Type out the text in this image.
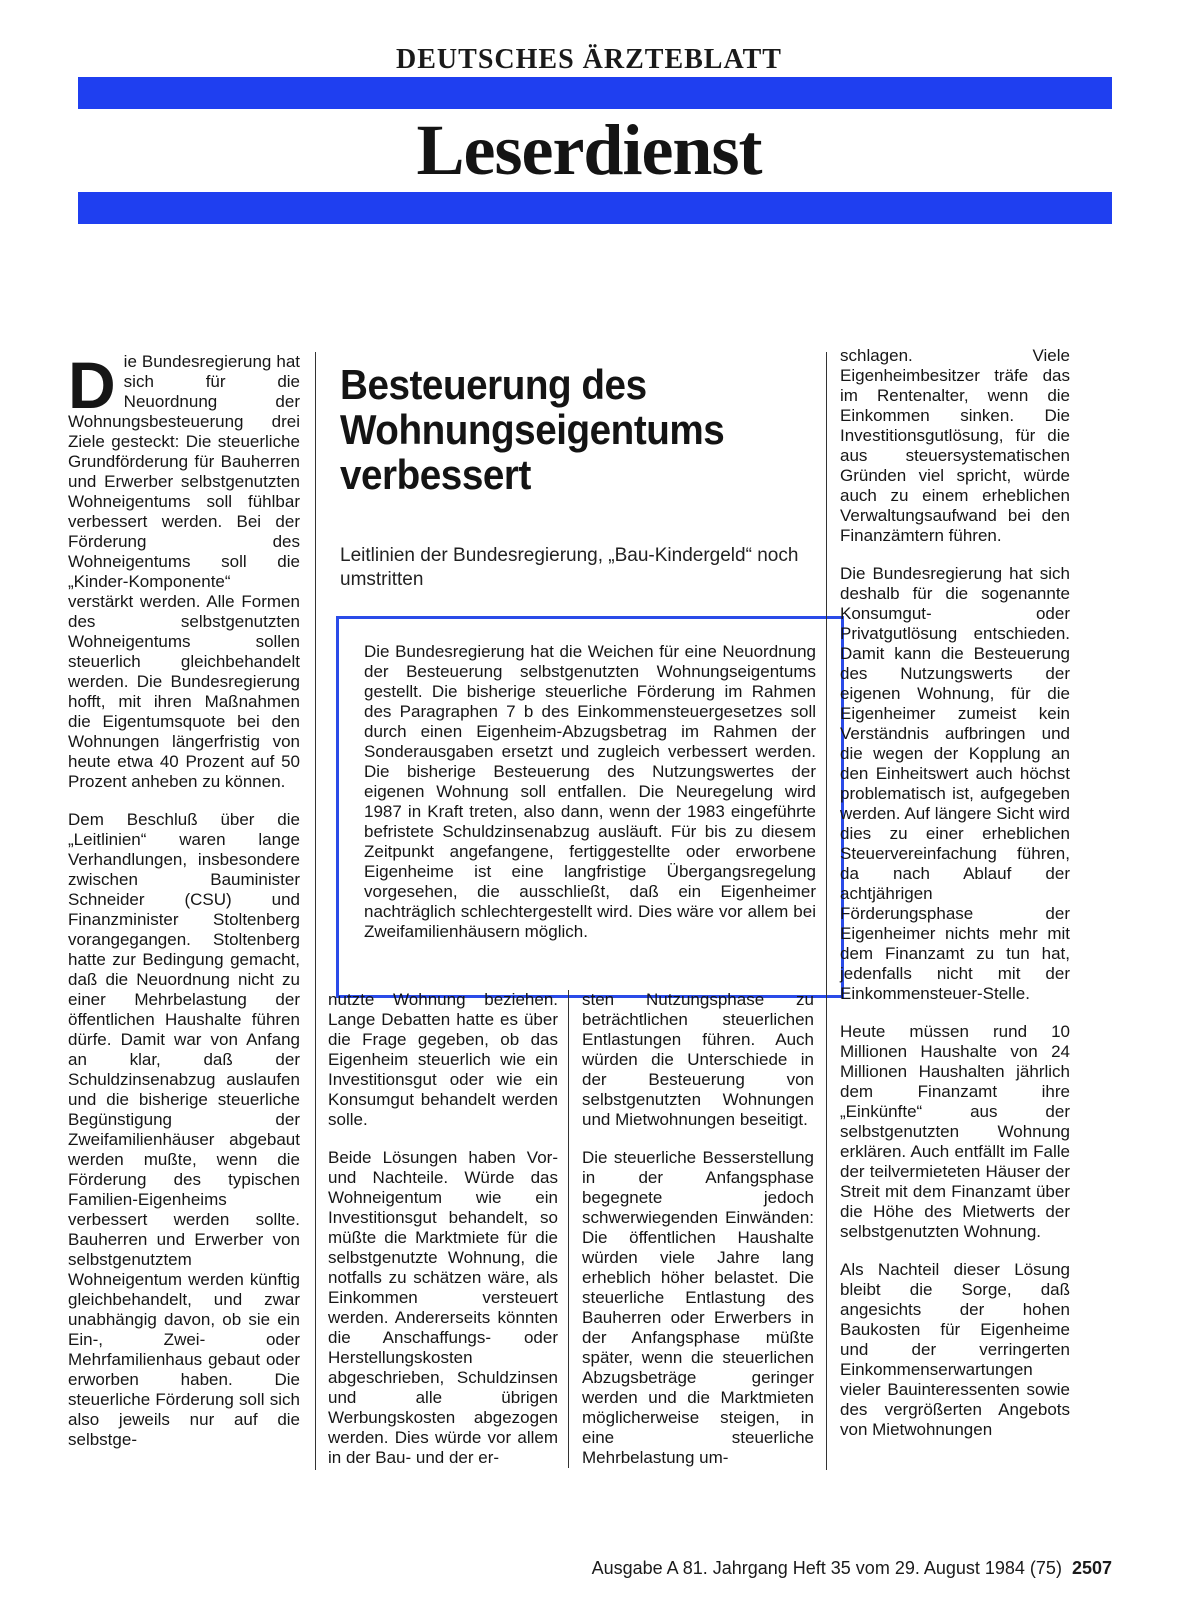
DEUTSCHES ÄRZTEBLATT
Leserdienst

Die Bundesregierung hat sich für die Neuordnung der Wohnungsbesteuerung drei Ziele gesteckt: Die steuerliche Grundförderung für Bauherren und Erwerber selbstgenutzten Wohneigentums soll fühlbar verbessert werden. Bei der Förderung des Wohneigentums soll die „Kinder-Komponente“ verstärkt werden. Alle Formen des selbstgenutzten Wohneigentums sollen steuerlich gleichbehandelt werden. Die Bundesregierung hofft, mit ihren Maßnahmen die Eigentumsquote bei den Wohnungen längerfristig von heute etwa 40 Prozent auf 50 Prozent anheben zu können.

Dem Beschluß über die „Leitlinien“ waren lange Verhandlungen, insbesondere zwischen Bauminister Schneider (CSU) und Finanzminister Stoltenberg vorangegangen. Stoltenberg hatte zur Bedingung gemacht, daß die Neuordnung nicht zu einer Mehrbelastung der öffentlichen Haushalte führen dürfe. Damit war von Anfang an klar, daß der Schuldzinsenabzug auslaufen und die bisherige steuerliche Begünstigung der Zweifamilienhäuser abgebaut werden mußte, wenn die Förderung des typischen Familien-Eigenheims verbessert werden sollte. Bauherren und Erwerber von selbstgenutztem Wohneigentum werden künftig gleichbehandelt, und zwar unabhängig davon, ob sie ein Ein-, Zwei- oder Mehrfamilienhaus gebaut oder erworben haben. Die steuerliche Förderung soll sich also jeweils nur auf die selbstge-

Besteuerung des Wohnungseigentums verbessert
Leitlinien der Bundesregierung, „Bau-Kindergeld“ noch umstritten
Die Bundesregierung hat die Weichen für eine Neuordnung der Besteuerung selbstgenutzten Wohnungseigentums gestellt. Die bisherige steuerliche Förderung im Rahmen des Paragraphen 7 b des Einkommensteuergesetzes soll durch einen Eigenheim-Abzugsbetrag im Rahmen der Sonderausgaben ersetzt und zugleich verbessert werden. Die bisherige Besteuerung des Nutzungswertes der eigenen Wohnung soll entfallen. Die Neuregelung wird 1987 in Kraft treten, also dann, wenn der 1983 eingeführte befristete Schuldzinsenabzug ausläuft. Für bis zu diesem Zeitpunkt angefangene, fertiggestellte oder erworbene Eigenheime ist eine langfristige Übergangsregelung vorgesehen, die ausschließt, daß ein Eigenheimer nachträglich schlechtergestellt wird. Dies wäre vor allem bei Zweifamilienhäusern möglich.

nutzte Wohnung beziehen. Lange Debatten hatte es über die Frage gegeben, ob das Eigenheim steuerlich wie ein Investitionsgut oder wie ein Konsumgut behandelt werden solle.

Beide Lösungen haben Vor- und Nachteile. Würde das Wohneigentum wie ein Investitionsgut behandelt, so müßte die Marktmiete für die selbstgenutzte Wohnung, die notfalls zu schätzen wäre, als Einkommen versteuert werden. Andererseits könnten die Anschaffungs- oder Herstellungskosten abgeschrieben, Schuldzinsen und alle übrigen Werbungskosten abgezogen werden. Dies würde vor allem in der Bau- und der er-

sten Nutzungsphase zu beträchtlichen steuerlichen Entlastungen führen. Auch würden die Unterschiede in der Besteuerung von selbstgenutzten Wohnungen und Mietwohnungen beseitigt.

Die steuerliche Besserstellung in der Anfangsphase begegnete jedoch schwerwiegenden Einwänden: Die öffentlichen Haushalte würden viele Jahre lang erheblich höher belastet. Die steuerliche Entlastung des Bauherren oder Erwerbers in der Anfangsphase müßte später, wenn die steuerlichen Abzugsbeträge geringer werden und die Marktmieten möglicherweise steigen, in eine steuerliche Mehrbelastung um-

schlagen. Viele Eigenheimbesitzer träfe das im Rentenalter, wenn die Einkommen sinken. Die Investitionsgutlösung, für die aus steuersystematischen Gründen viel spricht, würde auch zu einem erheblichen Verwaltungsaufwand bei den Finanzämtern führen.

Die Bundesregierung hat sich deshalb für die sogenannte Konsumgut- oder Privatgutlösung entschieden. Damit kann die Besteuerung des Nutzungswerts der eigenen Wohnung, für die Eigenheimer zumeist kein Verständnis aufbringen und die wegen der Kopplung an den Einheitswert auch höchst problematisch ist, aufgegeben werden. Auf längere Sicht wird dies zu einer erheblichen Steuervereinfachung führen, da nach Ablauf der achtjährigen Förderungsphase der Eigenheimer nichts mehr mit dem Finanzamt zu tun hat, jedenfalls nicht mit der Einkommensteuer-Stelle.

Heute müssen rund 10 Millionen Haushalte von 24 Millionen Haushalten jährlich dem Finanzamt ihre „Einkünfte“ aus der selbstgenutzten Wohnung erklären. Auch entfällt im Falle der teilvermieteten Häuser der Streit mit dem Finanzamt über die Höhe des Mietwerts der selbstgenutzten Wohnung.

Als Nachteil dieser Lösung bleibt die Sorge, daß angesichts der hohen Baukosten für Eigenheime und der verringerten Einkommenserwartungen vieler Bauinteressenten sowie des vergrößerten Angebots von Mietwohnungen

Ausgabe A 81. Jahrgang Heft 35 vom 29. August 1984 (75) 2507
